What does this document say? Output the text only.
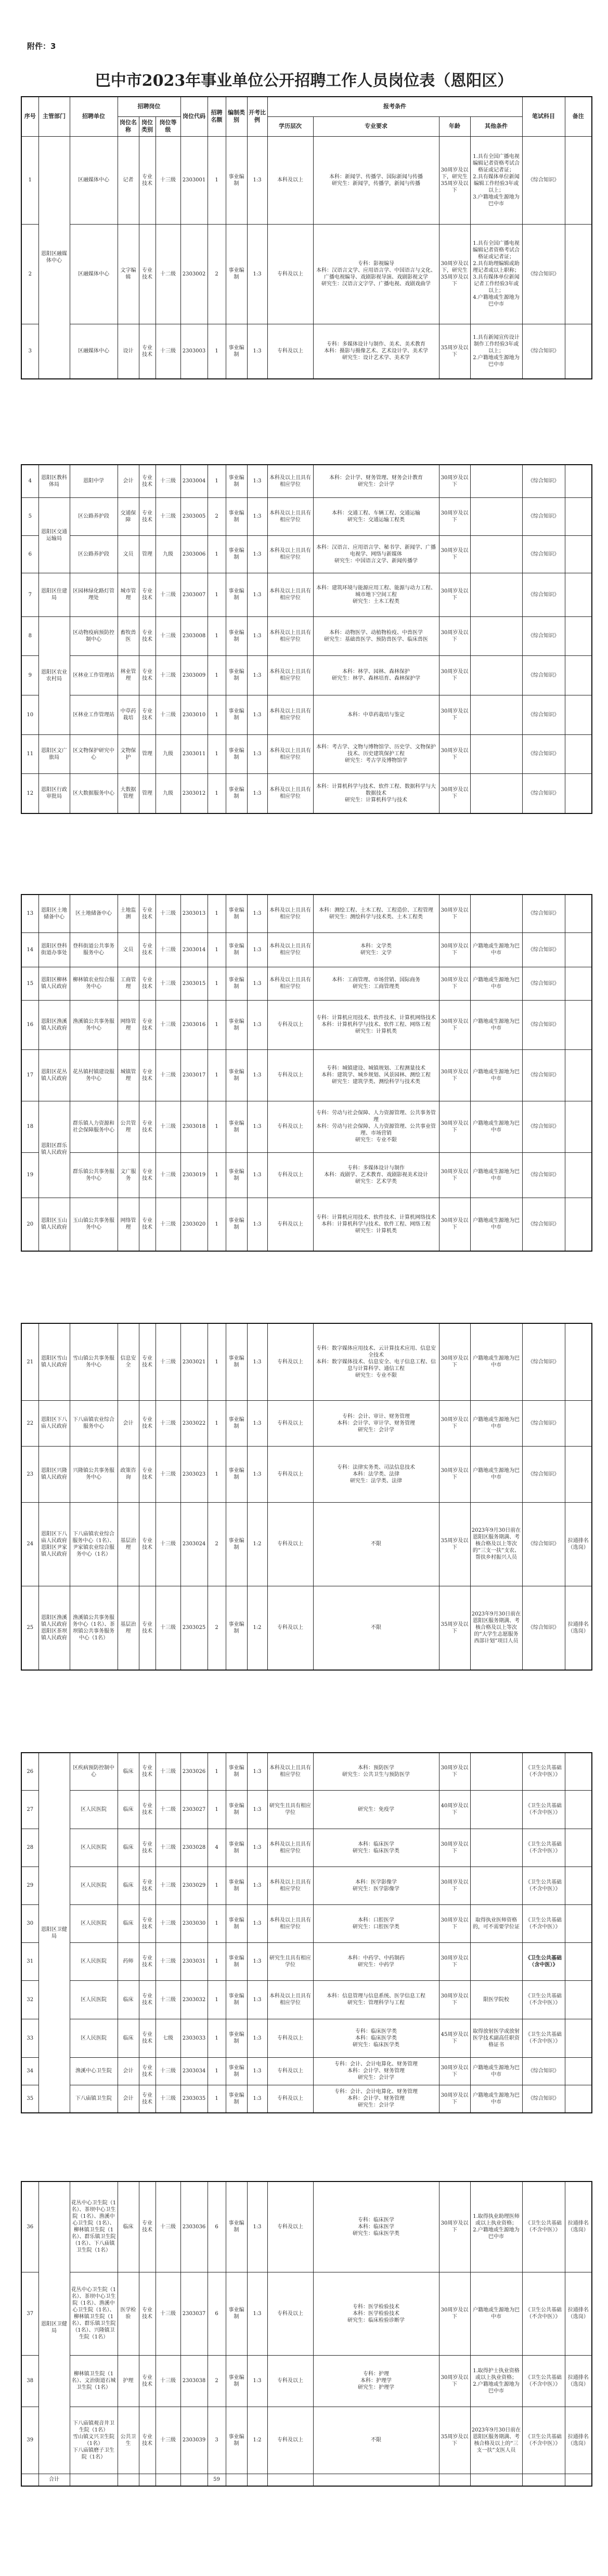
附件：3
巴中市2023年事业单位公开招聘工作人员岗位表（恩阳区）
序号	主管部门	招聘单位	招聘岗位			岗位代码	招聘名额	编制类别	开考比例	报考条件				笔试科目	备注
			岗位名称	岗位类别	岗位等级					学历层次	专业要求	年龄	其他条件		
1	恩阳区融媒体中心	区融媒体中心	记者	专业技术	十三级	2303001	1	事业编制	1:3	本科及以上	本科：新闻学、传播学、国际新闻与传播
研究生：新闻学，传播学，新闻与传播	30周岁及以下，研究生35周岁及以下	1.具有全国广播电视编辑记者资格考试合格证或记者证；
2.具有媒体单位新闻编辑工作经验3年或以上；
3.户籍地或生源地为巴中市	《综合知识》	
2		区融媒体中心	文字编辑	专业技术	十二级	2303002	2	事业编制	1:3	专科及以上	专科：影视编导
本科：汉语言文学、应用语言学、中国语言与文化、广播电视编导、戏剧影视导演、戏剧影视文学
研究生：汉语言文字学、广播电视、戏剧戏曲学	30周岁及以下，研究生35周岁及以下	1.具有全国广播电视编辑记者资格考试合格证或记者证；
2.具有助理编辑或助理记者或以上职称；
3.具有媒体单位新闻记者工作经验3年或以上；
4.户籍地或生源地为巴中市	《综合知识》	
3		区融媒体中心	设计	专业技术	十三级	2303003	1	事业编制	1:3	专科及以上	专科：多媒体设计与制作、美术、美术教育
本科：摄影与摄像艺术、艺术设计学、美术学
研究生：设计艺术学、美术学	35周岁及以下	1.具有新闻宣传设计制作工作经验3年或以上；
2.户籍地或生源地为巴中市	《综合知识》	
4	恩阳区教科体局	恩阳中学	会计	专业技术	十三级	2303004	1	事业编制	1:3	本科及以上且具有相应学位	本科：会计学、财务管理、财务会计教育
研究生：会计学	30周岁及以下		《综合知识》	
5	恩阳区交通运输局	区公路养护段	交通保障	专业技术	十三级	2303005	2	事业编制	1:3	本科及以上且具有相应学位	本科：交通工程、车辆工程、交通运输
研究生：交通运输工程类	30周岁及以下		《综合知识》	
6		区公路养护段	文员	管理	九级	2303006	1	事业编制	1:3	本科及以上且具有相应学位	本科：汉语言、应用语言学、秘书学、新闻学、广播电视学、网络与新媒体
研究生：中国语言文学、新闻传播学	30周岁及以下		《综合知识》	
7	恩阳区住建局	区园林绿化路灯管理处	城市管理	专业技术	十三级	2303007	1	事业编制	1:3	本科及以上且具有相应学位	本科：建筑环境与能源应用工程、能源与动力工程、城市地下空间工程
研究生：土木工程类	30周岁及以下		《综合知识》	
8	恩阳区农业农村局	区动物疫病预防控制中心	畜牧兽医	专业技术	十三级	2303008	1	事业编制	1:3	本科及以上且具有相应学位	本科：动物医学、动植物检疫、中兽医学
研究生：基础兽医学、预防兽医学、临床兽医	30周岁及以下		《综合知识》	
9		区林业工作管理站	林业管理	专业技术	十三级	2303009	1	事业编制	1:3	本科及以上且具有相应学位	本科：林学、园林、森林保护
研究生：林学、森林培育、森林保护学	30周岁及以下		《综合知识》	
10		区林业工作管理站	中草药栽培	专业技术	十三级	2303010	1	事业编制	1:3	本科及以上且具有相应学位	本科：中草药栽培与鉴定	30周岁及以下		《综合知识》	
11	恩阳区文广旅局	区文物保护研究中心	文物保护	管理	九级	2303011	1	事业编制	1:3	本科及以上且具有相应学位	本科：考古学、文物与博物馆学、历史学、文物保护技术、历史建筑保护工程
研究生：考古学及博物馆学	30周岁及以下		《综合知识》	
12	恩阳区行政审批局	区大数据服务中心	大数据管理	管理	九级	2303012	1	事业编制	1:3	本科及以上且具有相应学位	本科：计算机科学与技术、软件工程、数据科学与大数据技术
研究生：计算机科学与技术	30周岁及以下		《综合知识》	
13	恩阳区土地储备中心	区土地储备中心	土地监测	专业技术	十三级	2303013	1	事业编制	1:3	本科及以上且具有相应学位	本科：测绘工程、土木工程、工程造价、工程管理
研究生：测绘科学与技术类、土木工程类	30周岁及以下		《综合知识》	
14	恩阳区登科街道办事处	登科街道公共事务服务中心	文员	专业技术	十三级	2303014	1	事业编制	1:3	本科及以上且具有相应学位	本科：文学类
研究生：文学	30周岁及以下	户籍地或生源地为巴中市	《综合知识》	
15	恩阳区柳林镇人民政府	柳林镇农业综合服务中心	工商管理	专业技术	十三级	2303015	1	事业编制	1:3	本科及以上且具有相应学位	本科：工商管理、市场营销、国际商务
研究生：工商管理类	30周岁及以下	户籍地或生源地为巴中市	《综合知识》	
16	恩阳区渔溪镇人民政府	渔溪镇公共事务服务中心	网络管理	专业技术	十三级	2303016	1	事业编制	1:3	专科及以上	专科：计算机应用技术、软件技术、计算机网络技术
本科：计算机科学与技术、软件工程、网络工程
研究生：计算机类	30周岁及以下	户籍地或生源地为巴中市	《综合知识》	
17	恩阳区花丛镇人民政府	花丛镇村镇建设服务中心	城镇管理	专业技术	十三级	2303017	1	事业编制	1:3	专科及以上	专科：城镇建设、城镇规划、工程测量技术
本科：建筑学、城乡规划、风景园林、测绘工程
研究生：建筑学类、测绘科学与技术类	30周岁及以下	户籍地或生源地为巴中市	《综合知识》	
18	恩阳区群乐镇人民政府	群乐镇人力资源和社会保障服务中心	公共管理	专业技术	十三级	2303018	1	事业编制	1:3	专科及以上	专科：劳动与社会保障、人力资源管理、公共事务管理
本科：劳动与社会保障、人力资源管理、公共事业管理、市场营销
研究生：专业不限	30周岁及以下	户籍地或生源地为巴中市	《综合知识》	
19		群乐镇公共事务服务中心	文广服务	专业技术	十三级	2303019	1	事业编制	1:3	专科及以上	专科：多媒体设计与制作
本科：戏剧学、艺术教育、戏剧影视美术设计
研究生：艺术学类	30周岁及以下	户籍地或生源地为巴中市	《综合知识》	
20	恩阳区玉山镇人民政府	玉山镇公共事务服务中心	网络管理	专业技术	十三级	2303020	1	事业编制	1:3	专科及以上	专科：计算机应用技术、软件技术、计算机网络技术
本科：计算机科学与技术、软件工程、网络工程
研究生：计算机类	30周岁及以下	户籍地或生源地为巴中市	《综合知识》	
21	恩阳区雪山镇人民政府	雪山镇公共事务服务中心	信息安全	专业技术	十三级	2303021	1	事业编制	1:3	专科及以上	专科：数字媒体应用技术、云计算技术应用、信息安全技术
本科：数字媒体技术、信息安全、电子信息工程、信息与计算科学、通信工程
研究生：专业不限	30周岁及以下	户籍地或生源地为巴中市	《综合知识》	
22	恩阳区下八庙人民政府	下八庙镇农业综合服务中心	会计	专业技术	十三级	2303022	1	事业编制	1:3	专科及以上	专科：会计、审计、财务管理
本科：会计学、审计学、财务管理
研究生：会计学	30周岁及以下	户籍地或生源地为巴中市	《综合知识》	
23	恩阳区兴隆镇人民政府	兴隆镇公共事务服务中心	政策咨询	专业技术	十三级	2303023	1	事业编制	1:3	专科及以上	专科：法律实务类、司法信息技术
本科：法学类、法律
研究生：法学类、法律	30周岁及以下	户籍地或生源地为巴中市	《综合知识》	
24	恩阳区下八庙人民政府
恩阳区尹家镇人民政府	下八庙镇农业综合服务中心（1名）、尹家镇农业综合服务中心（1名）	基层治理	专业技术	十三级	2303024	2	事业编制	1:2	专科及以上	不限	35周岁及以下	2023年9月30日前在恩阳区服务期满、考核合格及以上等次的“三支一扶”支农、帮扶乡村振兴人员	《综合知识》	拉通排名（选岗）
25	恩阳区渔溪镇人民政府
恩阳区茶坝镇人民政府	渔溪镇公共事务服务中心（1名）、茶坝镇公共事务服务中心（1名）	基层治理	专业技术	十三级	2303025	2	事业编制	1:2	专科及以上	不限	35周岁及以下	2023年9月30日前在恩阳区服务期满、考核合格及以上等次的“大学生志愿服务西部计划”项目人员	《综合知识》	拉通排名（选岗）
26	恩阳区卫健局	区疾病预防控制中心	临床	专业技术	十三级	2303026	1	事业编制	1:3	本科及以上且具有相应学位	本科：预防医学
研究生：公共卫生与预防医学	30周岁及以下		《卫生公共基础（不含中医）》	
27		区人民医院	临床	专业技术	十二级	2303027	1	事业编制	1:3	研究生且具有相应学位	研究生：免疫学	40周岁及以下		《卫生公共基础（不含中医）》	
28		区人民医院	临床	专业技术	十三级	2303028	4	事业编制	1:3	本科及以上且具有相应学位	本科：临床医学
研究生：临床医学类	30周岁及以下		《卫生公共基础（不含中医）》	
29		区人民医院	临床	专业技术	十三级	2303029	1	事业编制	1:3	本科及以上且具有相应学位	本科：医学影像学
研究生：医学影像学	30周岁及以下		《卫生公共基础（不含中医）》	
30		区人民医院	临床	专业技术	十三级	2303030	1	事业编制	1:3	本科及以上且具有相应学位	本科：口腔医学
研究生：口腔医学类	30周岁及以下	取得执业医师资格的，可不需要学位证	《卫生公共基础（不含中医）》	
31		区人民医院	药师	专业技术	十三级	2303031	1	事业编制	1:3	研究生且具有相应学位	本科：中药学、中药制药
研究生：中药学	30周岁及以下		《卫生公共基础（含中医）》	
32		区人民医院	临床	专业技术	十三级	2303032	1	事业编制	1:3	本科及以上且具有相应学位	本科：信息管理与信息系统、医学信息工程
研究生：管理科学与工程	30周岁及以下	限医学院校	《卫生公共基础（不含中医）》	
33		区人民医院	临床	专业技术	七级	2303033	1	事业编制	1:3	专科及以上	专科：临床医学类
本科：临床医学类
研究生：临床医学类	45周岁及以下	取得放射医学或放射医学技术副高任职资格证书	《卫生公共基础（不含中医）》	
34		渔溪中心卫生院	会计	专业技术	十三级	2303034	1	事业编制	1:3	专科及以上	专科：会计、会计电算化、财务管理
本科：会计学、财务管理
研究生：会计学	30周岁及以下	户籍地或生源地为巴中市	《综合知识》	
35		下八庙镇卫生院	会计	专业技术	十三级	2303035	1	事业编制	1:3	专科及以上	专科：会计、会计电算化、财务管理
本科：会计学、财务管理
研究生：会计学	30周岁及以下	户籍地或生源地为巴中市	《综合知识》	
36	恩阳区卫健局	花丛中心卫生院（1名）、茶坝中心卫生院（1名）、渔溪中心卫生院（1名）、柳林镇卫生院（1名）、群乐镇卫生院（1名）、下八庙镇卫生院（1名）	临床	专业技术	十三级	2303036	6	事业编制	1:3	专科及以上	专科：临床医学
本科：临床医学
研究生：临床医学类	30周岁及以下	1.取得执业助理医师或以上执业资格；
2.户籍地或生源地为巴中市	《卫生公共基础（不含中医）》	拉通排名（选岗）
37		花丛中心卫生院（1名）、茶坝中心卫生院（1名）、渔溪中心卫生院（1名）、柳林镇卫生院（1名）、群乐镇卫生院（1名）、兴隆镇卫生院（1名）	医学检验	专业技术	十三级	2303037	6	事业编制	1:3	专科及以上	专科：医学检验技术
本科：医学检验技术
研究生：临床检验诊断学	30周岁及以下	户籍地或生源地为巴中市	《卫生公共基础（不含中医）》	拉通排名（选岗）
38		柳林镇卫生院（1名）、文治街道石城卫生院（1名）	护理	专业技术	十三级	2303038	2	事业编制	1:3	专科及以上	专科：护理
本科：护理学
研究生：护理学	30周岁及以下	1.取得护士执业资格或以上执业资格；
2.户籍地或生源地为巴中市	《卫生公共基础（不含中医）》	拉通排名（选岗）
39		下八庙镇观音井卫生院（1名）
雪山镇文兴卫生院（1名）
下八庙镇磨子卫生院（1名）	公共卫生	专业技术	十三级	2303039	3	事业编制	1:2	专科及以上	不限	35周岁及以下	2023年9月30日前在恩阳区服务期满、考核合格及以上的“三支一扶”支医人员	《卫生公共基础（不含中医）》	拉通排名（选岗）
	合计						59								
